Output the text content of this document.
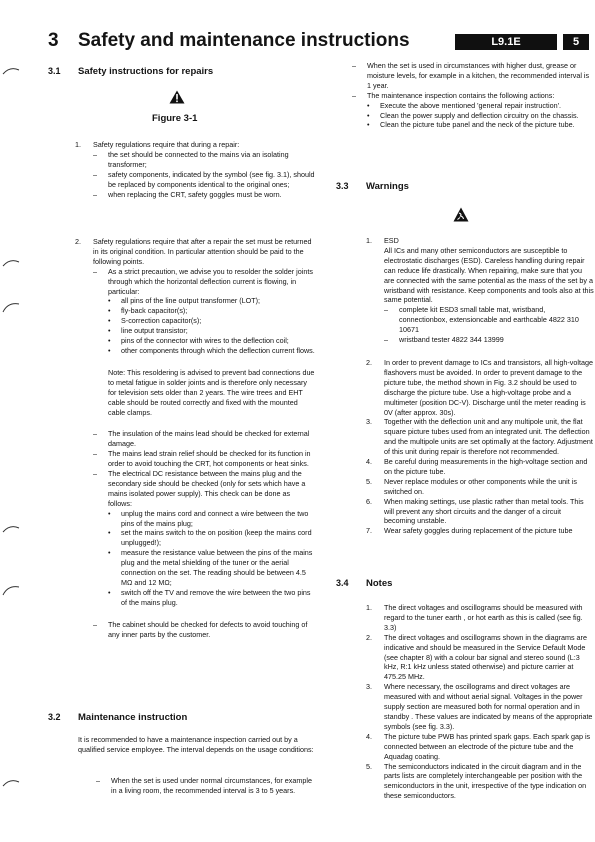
3 Safety and maintenance instructions	L9.1E	5
3.1 Safety instructions for repairs
Figure 3-1
1.	Safety regulations require that during a repair:
–	the set should be connected to the mains via an isolating transformer;
–	safety components, indicated by the symbol (see fig. 3.1), should be replaced by components identical to the original ones;
–	when replacing the CRT, safety goggles must be worn.
2.	Safety regulations require that after a repair the set must be returned in its original condition. In particular attention should be paid to the following points.
–	As a strict precaution, we advise you to resolder the solder joints through which the horizontal deflection current is flowing, in particular:
•	all pins of the line output transformer (LOT);
•	fly-back capacitor(s);
•	S-correction capacitor(s);
•	line output transistor;
•	pins of the connector with wires to the deflection coil;
•	other components through which the deflection current flows.
Note: This resoldering is advised to prevent bad connections due to metal fatigue in solder joints and is therefore only necessary for television sets older than 2 years. The wire trees and EHT cable should be routed correctly and fixed with the mounted cable clamps.
–	The insulation of the mains lead should be checked for external damage.
–	The mains lead strain relief should be checked for its function in order to avoid touching the CRT, hot components or heat sinks.
–	The electrical DC resistance between the mains plug and the secondary side should be checked (only for sets which have a mains isolated power supply). This check can be done as follows:
•	unplug the mains cord and connect a wire between the two pins of the mains plug;
•	set the mains switch to the on position (keep the mains cord unplugged!);
•	measure the resistance value between the pins of the mains plug and the metal shielding of the tuner or the aerial connection on the set. The reading should be between 4.5 MΩ and 12 MΩ;
•	switch off the TV and remove the wire between the two pins of the mains plug.
–	The cabinet should be checked for defects to avoid touching of any inner parts by the customer.
3.2 Maintenance instruction
It is recommended to have a maintenance inspection carried out by a qualified service employee. The interval depends on the usage conditions:
–	When the set is used under normal circumstances, for example in a living room, the recommended interval is 3 to 5 years.
–	When the set is used in circumstances with higher dust, grease or moisture levels, for example in a kitchen, the recommended interval is 1 year.
–	The maintenance inspection contains the following actions:
•	Execute the above mentioned 'general repair instruction'.
•	Clean the power supply and deflection circuitry on the chassis.
•	Clean the picture tube panel and the neck of the picture tube.
3.3 Warnings
1.	ESD
All ICs and many other semiconductors are susceptible to electrostatic discharges (ESD). Careless handling during repair can reduce life drastically. When repairing, make sure that you are connected with the same potential as the mass of the set by a wristband with resistance. Keep components and tools also at this same potential.
–	complete kit ESD3 small table mat, wristband, connectionbox, extensioncable and earthcable 4822 310 10671
–	wristband tester 4822 344 13999
2.	In order to prevent damage to ICs and transistors, all high-voltage flashovers must be avoided. In order to prevent damage to the picture tube, the method shown in Fig. 3.2 should be used to discharge the picture tube. Use a high-voltage probe and a multimeter (position DC-V). Discharge until the meter reading is 0V (after approx. 30s).
3.	Together with the deflection unit and any multipole unit, the flat square picture tubes used from an integrated unit. The deflection and the multipole units are set optimally at the factory. Adjustment of this unit during repair is therefore not recommended.
4.	Be careful during measurements in the high-voltage section and on the picture tube.
5.	Never replace modules or other components while the unit is switched on.
6.	When making settings, use plastic rather than metal tools. This will prevent any short circuits and the danger of a circuit becoming unstable.
7.	Wear safety goggles during replacement of the picture tube
3.4 Notes
1.	The direct voltages and oscillograms should be measured with regard to the tuner earth , or hot earth as this is called (see fig. 3.3)
2.	The direct voltages and oscillograms shown in the diagrams are indicative and should be measured in the Service Default Mode (see chapter 8) with a colour bar signal and stereo sound (L:3 kHz, R:1 kHz unless stated otherwise) and picture carrier at 475.25 MHz.
3.	Where necessary, the oscillograms and direct voltages are measured with and without aerial signal. Voltages in the power supply section are measured both for normal operation and in standby . These values are indicated by means of the appropriate symbols (see fig. 3.3).
4.	The picture tube PWB has printed spark gaps. Each spark gap is connected between an electrode of the picture tube and the Aquadag coating.
5.	The semiconductors indicated in the circuit diagram and in the parts lists are completely interchangeable per position with the semiconductors in the unit, irrespective of the type indication on these semiconductors.
